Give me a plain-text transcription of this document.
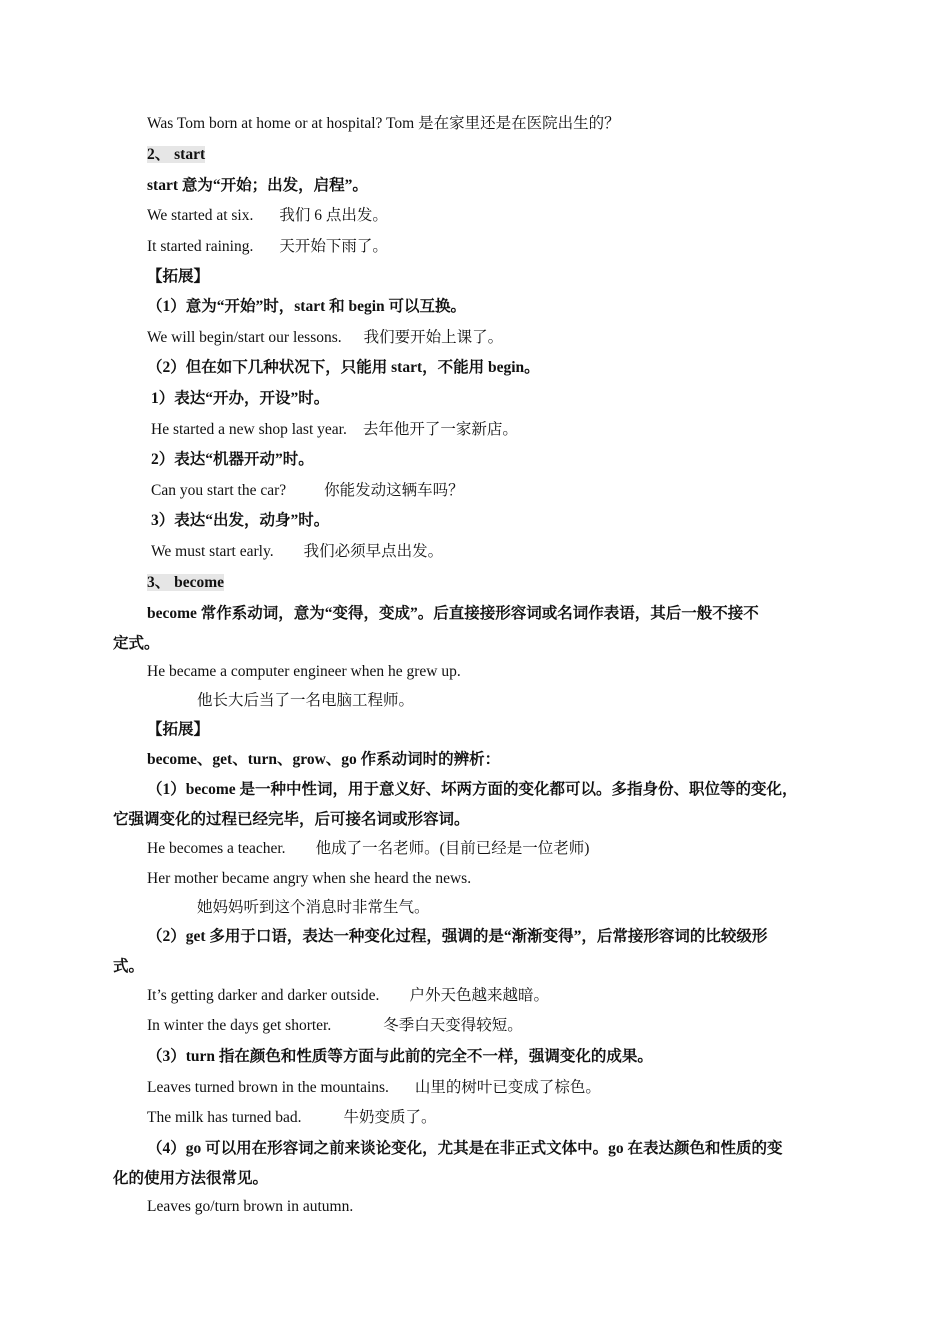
Was Tom born at home or at hospital? Tom 是在家里还是在医院出生的？
2、 start
start 意为“开始；出发，启程”。
We started at six. 我们 6 点出发。
It started raining. 天开始下雨了。
【拓展】
（1）意为“开始”时，start 和 begin 可以互换。
We will begin/start our lessons. 我们要开始上课了。
（2）但在如下几种状况下，只能用 start，不能用 begin。
1）表达“开办，开设”时。
He started a new shop last year. 去年他开了一家新店。
2）表达“机器开动”时。
Can you start the car? 你能发动这辆车吗？
3）表达“出发，动身”时。
We must start early. 我们必须早点出发。
3、 become
become 常作系动词，意为“变得，变成”。后直接接形容词或名词作表语，其后一般不接不
定式。
He became a computer engineer when he grew up.
他长大后当了一名电脑工程师。
【拓展】
become、get、turn、grow、go 作系动词时的辨析：
（1）become 是一种中性词，用于意义好、坏两方面的变化都可以。多指身份、职位等的变化，
它强调变化的过程已经完毕，后可接名词或形容词。
He becomes a teacher. 他成了一名老师。(目前已经是一位老师)
Her mother became angry when she heard the news.
她妈妈听到这个消息时非常生气。
（2）get 多用于口语，表达一种变化过程，强调的是“渐渐变得”，后常接形容词的比较级形
式。
It’s getting darker and darker outside. 户外天色越来越暗。
In winter the days get shorter.	冬季白天变得较短。
（3）turn 指在颜色和性质等方面与此前的完全不一样，强调变化的成果。
Leaves turned brown in the mountains. 山里的树叶已变成了棕色。
The milk has turned bad.	牛奶变质了。
（4）go 可以用在形容词之前来谈论变化，尤其是在非正式文体中。go 在表达颜色和性质的变
化的使用方法很常见。
Leaves go/turn brown in autumn.
